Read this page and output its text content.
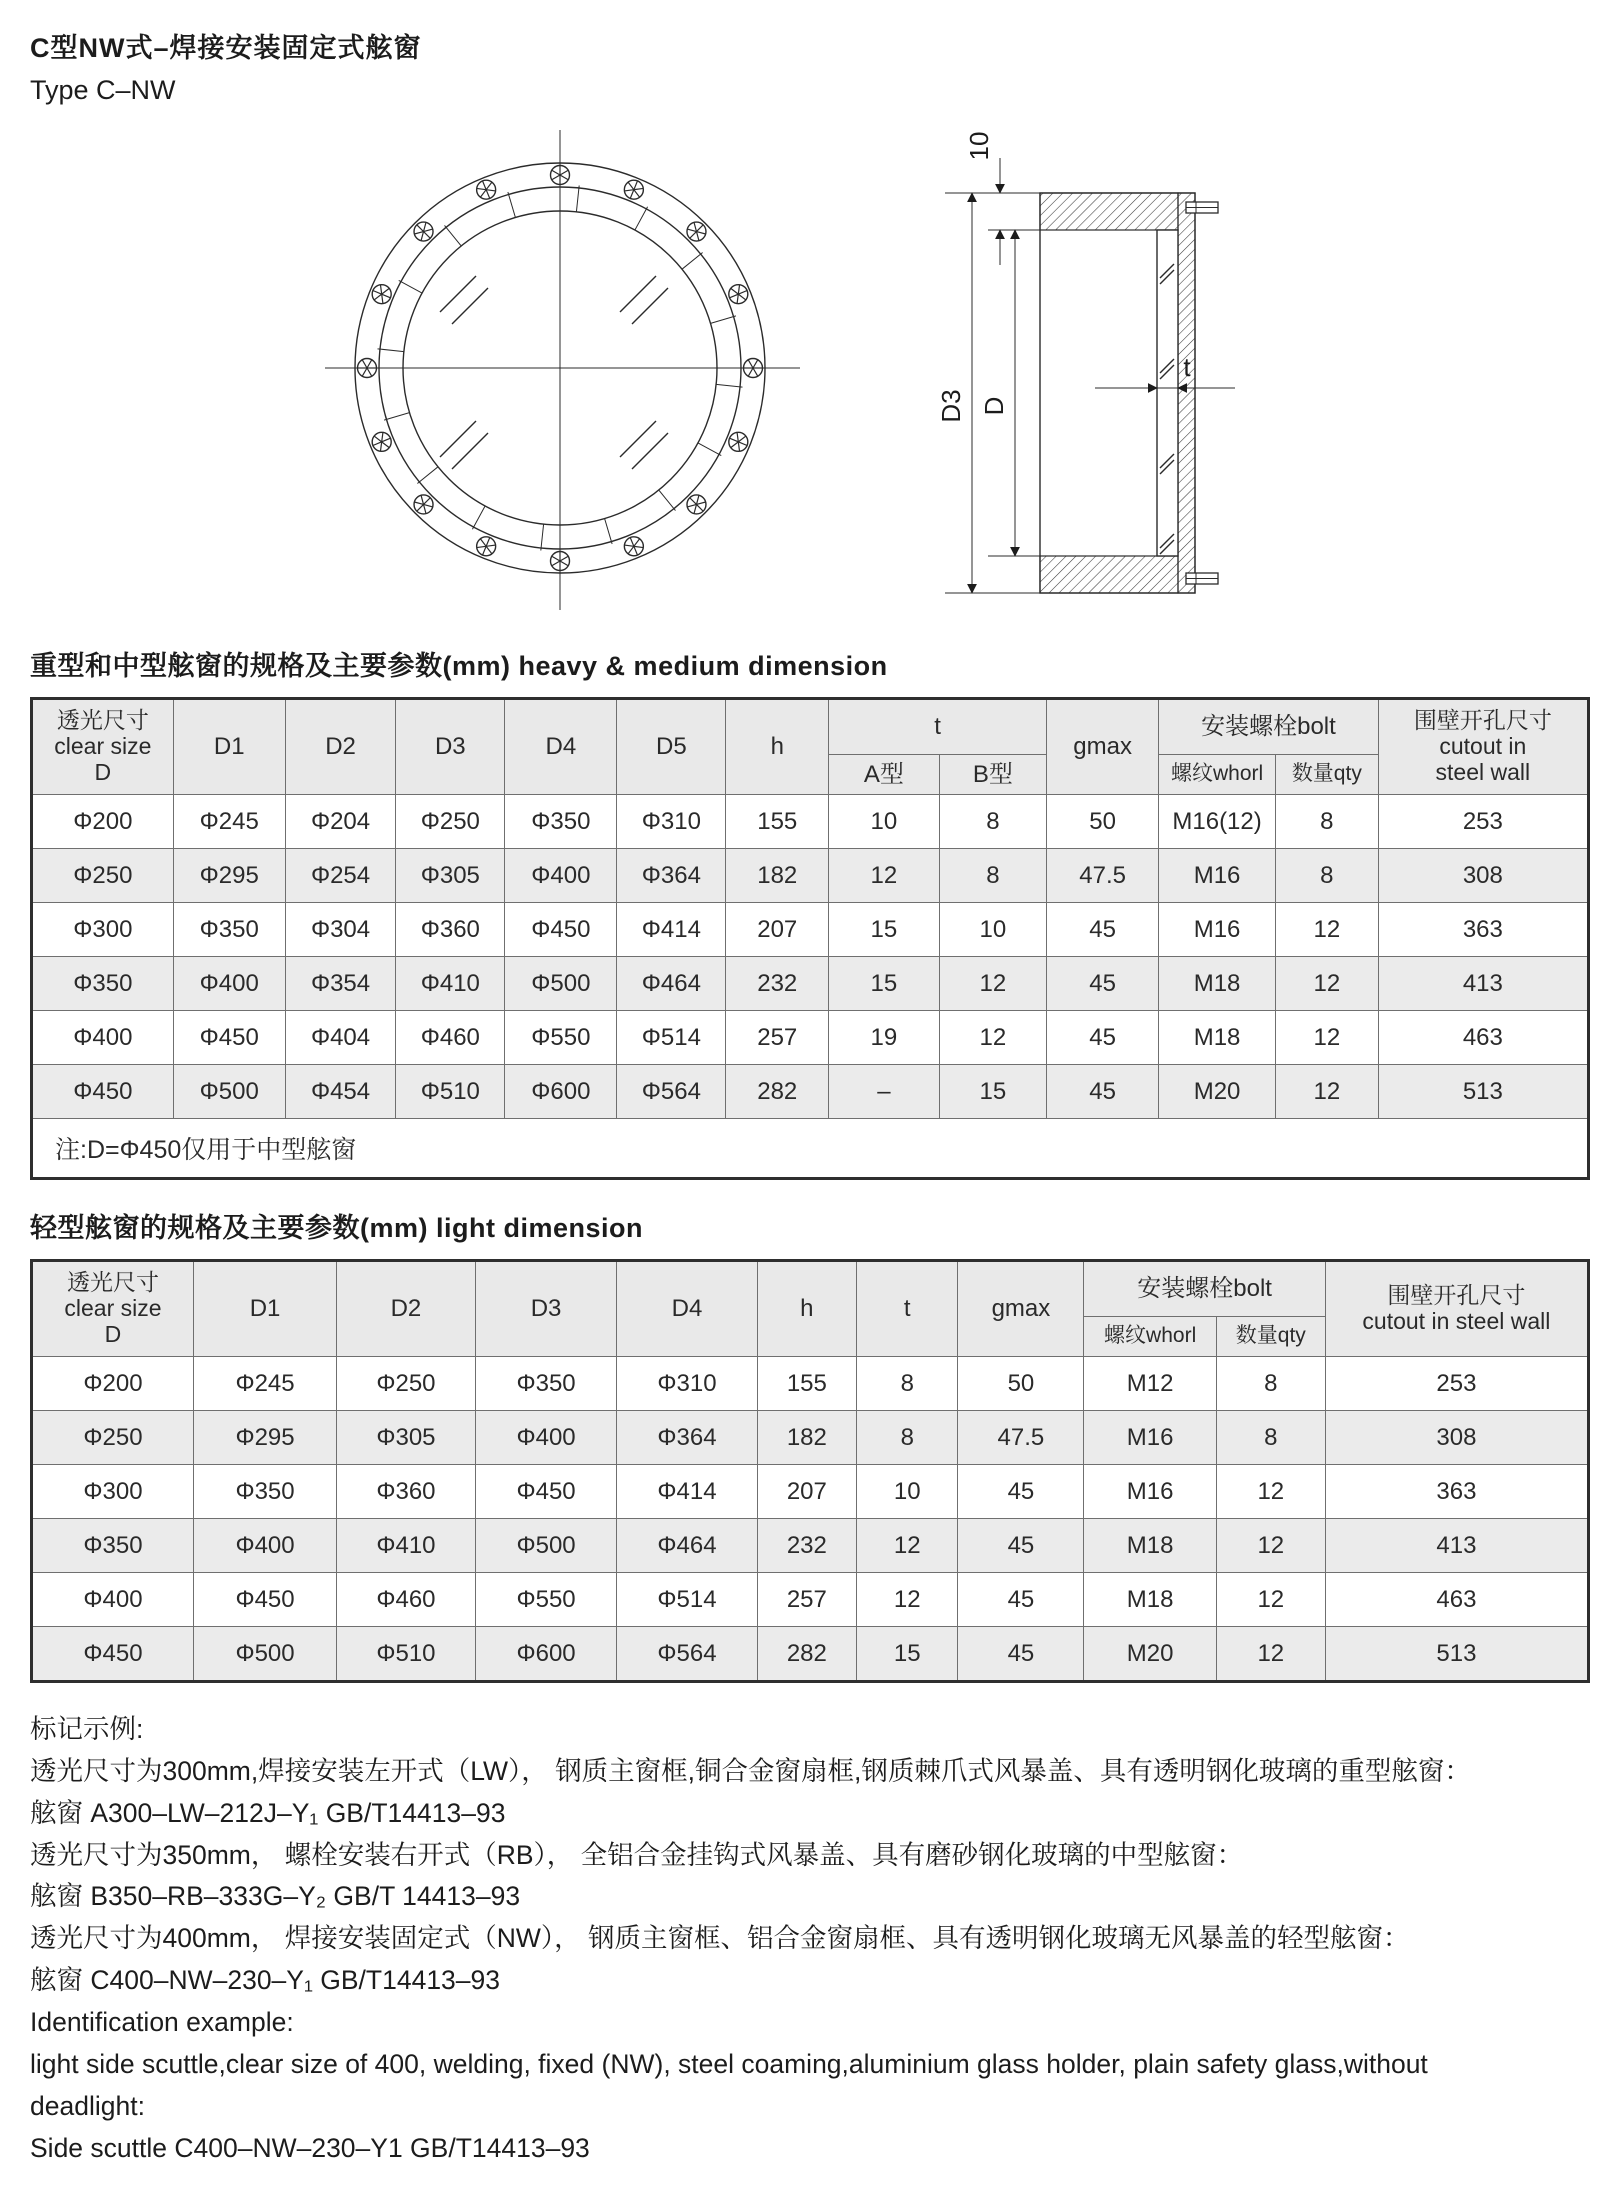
C型NW式–焊接安装固定式舷窗
Type C–NW
D3 D
10
t
重型和中型舷窗的规格及主要参数(mm) heavy & medium dimension
透光尺寸
clear size
D	D1	D2	D3	D4	D5	h	t		gmax	安装螺栓bolt		围壁开孔尺寸
cutout in
steel wall

							A型	B型		螺纹whorl	数量qty	
Φ200	Φ245	Φ204	Φ250	Φ350	Φ310	155	10	8	50	M16(12)	8	253
Φ250	Φ295	Φ254	Φ305	Φ400	Φ364	182	12	8	47.5	M16	8	308
Φ300	Φ350	Φ304	Φ360	Φ450	Φ414	207	15	10	45	M16	12	363
Φ350	Φ400	Φ354	Φ410	Φ500	Φ464	232	15	12	45	M18	12	413
Φ400	Φ450	Φ404	Φ460	Φ550	Φ514	257	19	12	45	M18	12	463
Φ450	Φ500	Φ454	Φ510	Φ600	Φ564	282	–	15	45	M20	12	513
注:D=Φ450仅用于中型舷窗												
轻型舷窗的规格及主要参数(mm) light dimension
透光尺寸
clear size
D	D1	D2	D3	D4	h	t	gmax	安装螺栓bolt		围壁开孔尺寸
cutout in steel wall

								螺纹whorl	数量qty	
Φ200	Φ245	Φ250	Φ350	Φ310	155	8	50	M12	8	253
Φ250	Φ295	Φ305	Φ400	Φ364	182	8	47.5	M16	8	308
Φ300	Φ350	Φ360	Φ450	Φ414	207	10	45	M16	12	363
Φ350	Φ400	Φ410	Φ500	Φ464	232	12	45	M18	12	413
Φ400	Φ450	Φ460	Φ550	Φ514	257	12	45	M18	12	463
Φ450	Φ500	Φ510	Φ600	Φ564	282	15	45	M20	12	513
标记示例:
透光尺寸为300mm,焊接安装左开式（LW）， 钢质主窗框,铜合金窗扇框,钢质棘爪式风暴盖、具有透明钢化玻璃的重型舷窗：
舷窗 A300–LW–212J–Y₁ GB/T14413–93
透光尺寸为350mm， 螺栓安装右开式（RB）， 全铝合金挂钩式风暴盖、具有磨砂钢化玻璃的中型舷窗：
舷窗 B350–RB–333G–Y₂ GB/T 14413–93
透光尺寸为400mm， 焊接安装固定式（NW）， 钢质主窗框、铝合金窗扇框、具有透明钢化玻璃无风暴盖的轻型舷窗：
舷窗 C400–NW–230–Y₁ GB/T14413–93
Identification example:
light side scuttle,clear size of 400, welding, fixed (NW), steel coaming,aluminium glass holder, plain safety glass,without
deadlight:
Side scuttle C400–NW–230–Y1 GB/T14413–93
